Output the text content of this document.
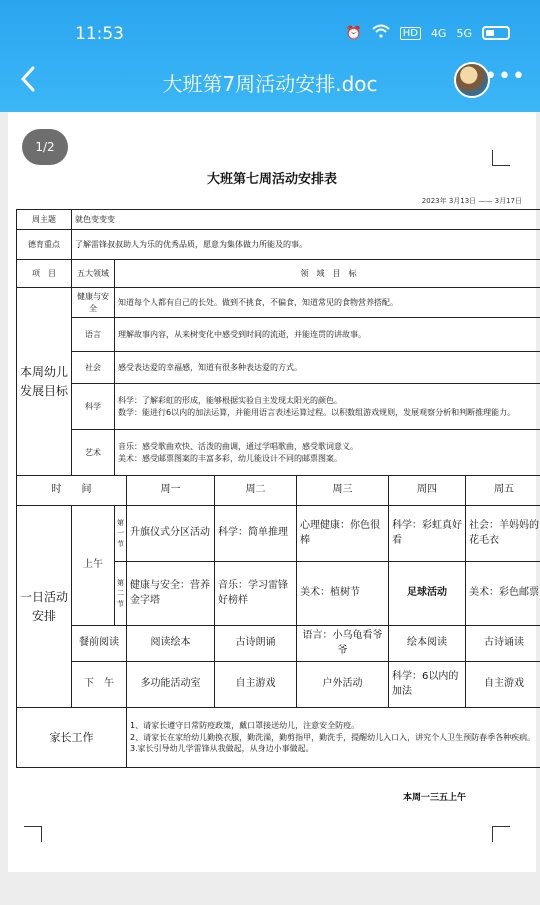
11:53	⏰	HD 4G 5G
大班第7周活动安排.doc	•••
大班第七周活动安排表
2023年 3月13日 —— 3月17日
周主题	就色变变变						
德育重点	了解雷锋叔叔助人为乐的优秀品质，愿意为集体做力所能及的事。						
项　目	五大领域	领　域　目　标					
本周幼儿发展目标	健康与安全	知道每个人都有自己的长处。做到不挑食，不偏食，知道常见的食物营养搭配。					
	语言	理解故事内容，从来树变化中感受到时间的流逝，并能连贯的讲故事。					
	社会	感受表达爱的幸福感，知道有很多种表达爱的方式。					
	科学	科学：了解彩虹的形成，能够根据实验自主发现太阳光的颜色。
数学：能进行6以内的加法运算，并能用语言表述运算过程。以积数组游戏规则，发展观察分析和判断推理能力。					

	艺术	音乐：感受歌曲欢快、活泼的曲调，通过学唱歌曲，感受歌词意义。
美术：感受邮票图案的丰富多彩，幼儿能设计不同的邮票图案。					

时　　间			周一	周二	周三	周四	周五
一日活动安排	上午	第一节	升旗仪式分区活动	科学：简单推理	心理健康：你色很棒	科学：彩虹真好看	社会：羊妈妈的花毛衣
		第二节	健康与安全：营养金字塔	音乐：学习雷锋好榜样	美术：植树节	足球活动	美术：彩色邮票
	餐前阅读		阅读绘本	古诗朗诵	语言：小乌龟看爷爷	绘本阅读	古诗诵读
	下　午		多功能活动室	自主游戏	户外活动	科学：6以内的加法	自主游戏
家长工作			1、请家长遵守日常防疫政策，戴口罩接送幼儿，注意安全防疫。
2、请家长在家给幼儿勤换衣服，勤洗澡，勤剪指甲，勤洗手，提醒幼儿入口入，讲究个人卫生预防春季各种疾病。3.家长引导幼儿学雷锋从我做起，从身边小事做起。				
本周一三五上午
1/2
